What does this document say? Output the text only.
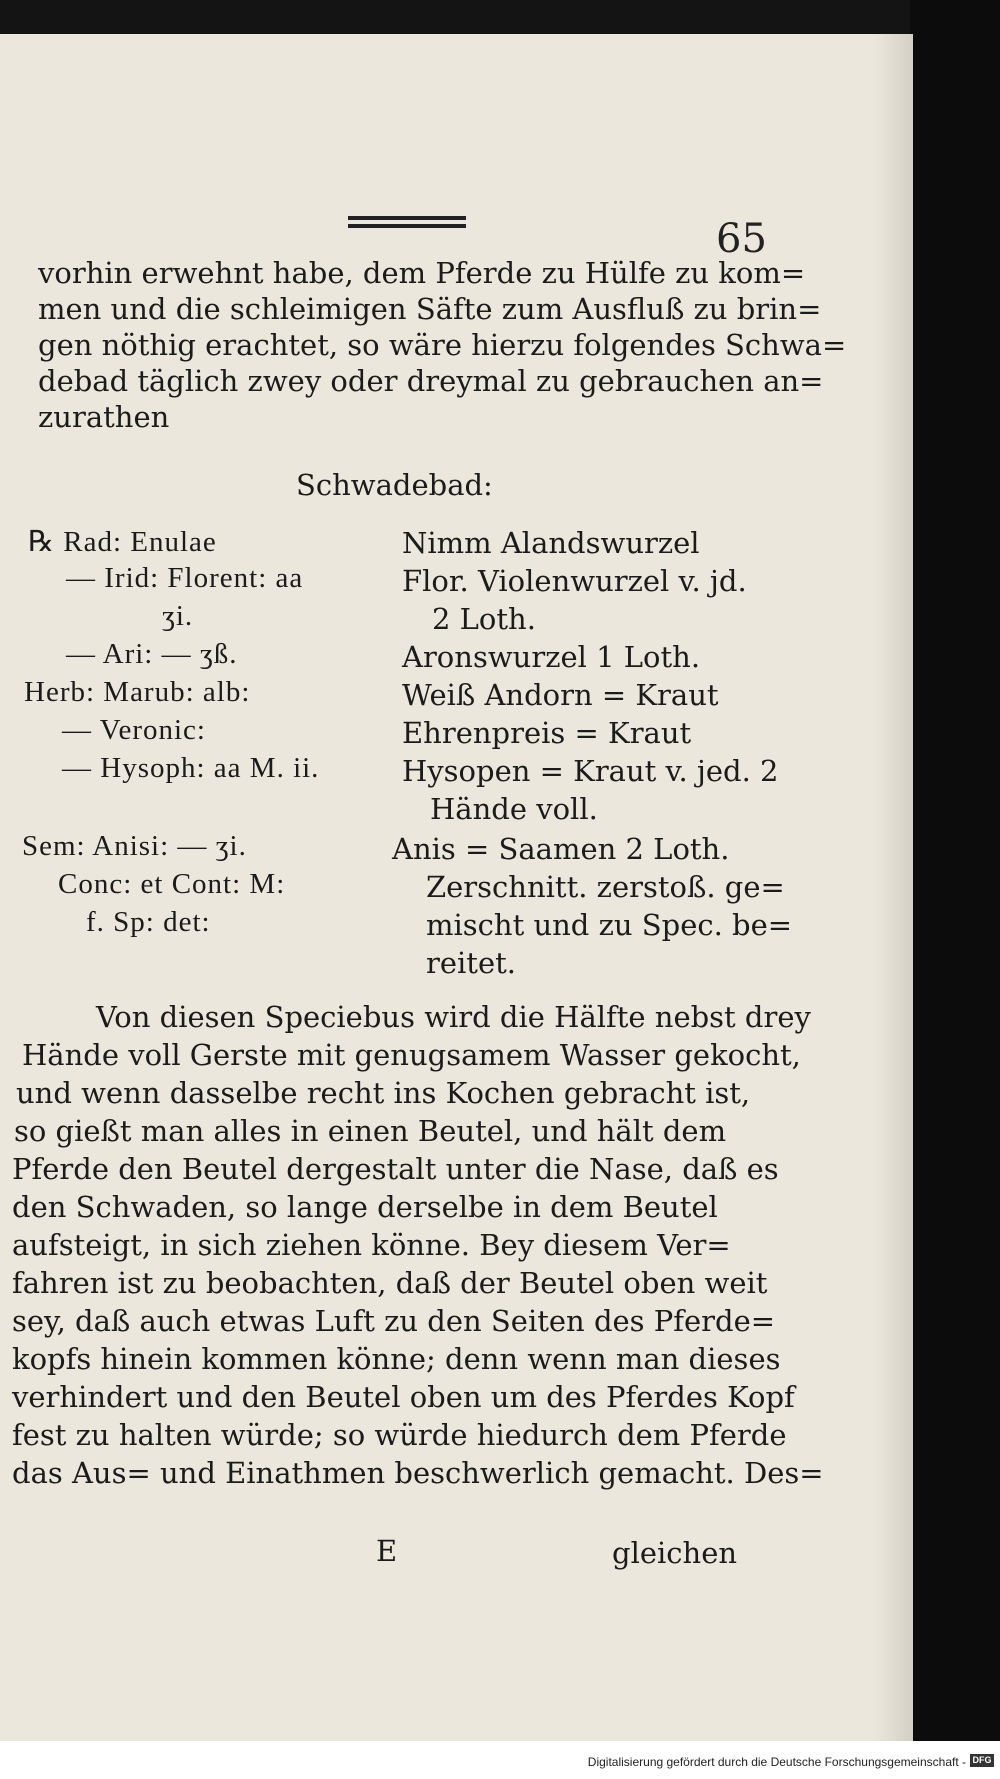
65
vorhin erwehnt habe, dem Pferde zu Hülfe zu kom=
men und die schleimigen Säfte zum Ausfluß zu brin=
gen nöthig erachtet, so wäre hierzu folgendes Schwa=
debad täglich zwey oder dreymal zu gebrauchen an=
zurathen
Schwadebad:
℞ Rad: Enulae
— Irid: Florent: aa
ʒi.
— Ari: — ʒß.
Herb: Marub: alb:
— Veronic:
— Hysoph: aa M. ii.
Sem: Anisi: — ʒi.
Conc: et Cont: M:
f. Sp: det:
Nimm Alandswurzel
Flor. Violenwurzel v. jd.
2 Loth.
Aronswurzel 1 Loth.
Weiß Andorn = Kraut
Ehrenpreis = Kraut
Hysopen = Kraut v. jed. 2
Hände voll.
Anis = Saamen 2 Loth.
Zerschnitt. zerstoß. ge=
mischt und zu Spec. be=
reitet.
Von diesen Speciebus wird die Hälfte nebst drey
Hände voll Gerste mit genugsamem Wasser gekocht,
und wenn dasselbe recht ins Kochen gebracht ist,
so gießt man alles in einen Beutel, und hält dem
Pferde den Beutel dergestalt unter die Nase, daß es
den Schwaden, so lange derselbe in dem Beutel
aufsteigt, in sich ziehen könne. Bey diesem Ver=
fahren ist zu beobachten, daß der Beutel oben weit
sey, daß auch etwas Luft zu den Seiten des Pferde=
kopfs hinein kommen könne; denn wenn man dieses
verhindert und den Beutel oben um des Pferdes Kopf
fest zu halten würde; so würde hiedurch dem Pferde
das Aus= und Einathmen beschwerlich gemacht. Des=
E	gleichen
Digitalisierung gefördert durch die Deutsche Forschungsgemeinschaft - DFG
